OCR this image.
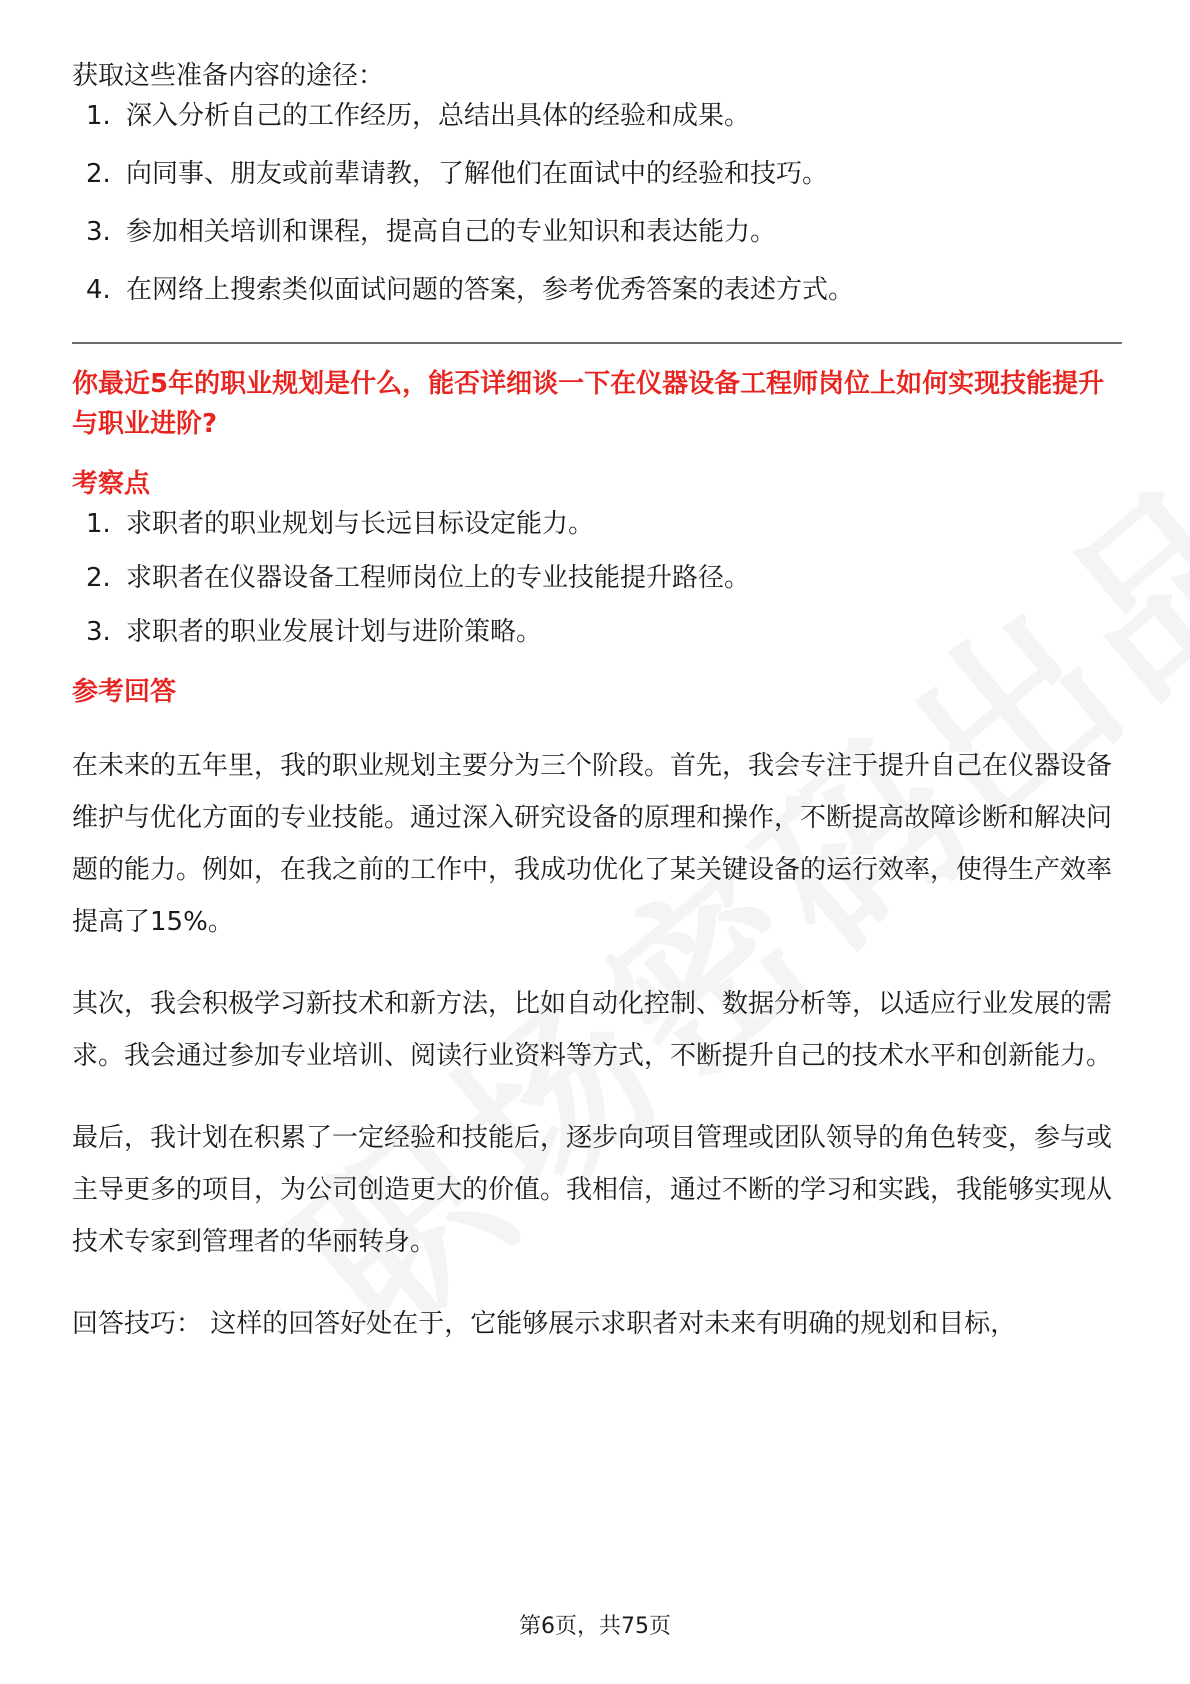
获取这些准备内容的途径：

1. 深入分析自己的工作经历，总结出具体的经验和成果。
2. 向同事、朋友或前辈请教，了解他们在面试中的经验和技巧。
3. 参加相关培训和课程，提高自己的专业知识和表达能力。
4. 在网络上搜索类似面试问题的答案，参考优秀答案的表述方式。

你最近5年的职业规划是什么，能否详细谈一下在仪器设备工程师岗位上如何实现技能提升与职业进阶?

考察点

1. 求职者的职业规划与长远目标设定能力。
2. 求职者在仪器设备工程师岗位上的专业技能提升路径。
3. 求职者的职业发展计划与进阶策略。

参考回答

在未来的五年里，我的职业规划主要分为三个阶段。首先，我会专注于提升自己在仪器设备维护与优化方面的专业技能。通过深入研究设备的原理和操作，不断提高故障诊断和解决问题的能力。例如，在我之前的工作中，我成功优化了某关键设备的运行效率，使得生产效率提高了15%。

其次，我会积极学习新技术和新方法，比如自动化控制、数据分析等，以适应行业发展的需求。我会通过参加专业培训、阅读行业资料等方式，不断提升自己的技术水平和创新能力。

最后，我计划在积累了一定经验和技能后，逐步向项目管理或团队领导的角色转变，参与或主导更多的项目，为公司创造更大的价值。我相信，通过不断的学习和实践，我能够实现从技术专家到管理者的华丽转身。

回答技巧： 这样的回答好处在于，它能够展示求职者对未来有明确的规划和目标，

第6页，共75页
